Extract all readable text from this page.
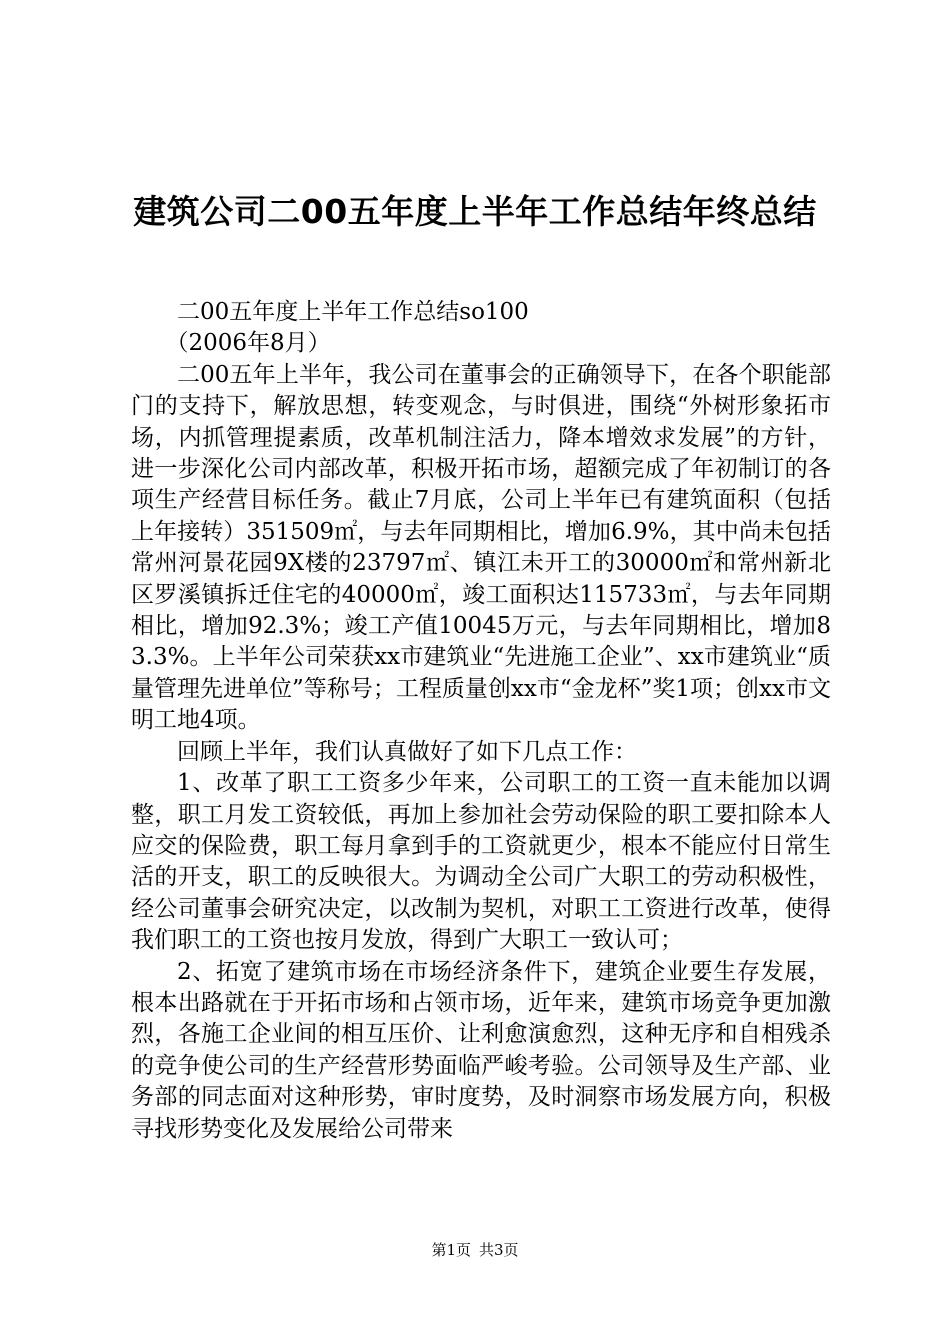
建筑公司二00五年度上半年工作总结年终总结

二00五年度上半年工作总结so100

（2006年8月）

二00五年上半年，我公司在董事会的正确领导下，在各个职能部门的支持下，解放思想，转变观念，与时俱进，围绕“外树形象拓市场，内抓管理提素质，改革机制注活力，降本增效求发展”的方针，进一步深化公司内部改革，积极开拓市场，超额完成了年初制订的各项生产经营目标任务。截止7月底，公司上半年已有建筑面积（包括上年接转）351509㎡，与去年同期相比，增加6.9%，其中尚未包括常州河景花园9X楼的23797㎡、镇江未开工的30000㎡和常州新北区罗溪镇拆迁住宅的40000㎡，竣工面积达115733㎡，与去年同期相比，增加92.3%；竣工产值10045万元，与去年同期相比，增加83.3%。上半年公司荣获xx市建筑业“先进施工企业”、xx市建筑业“质量管理先进单位”等称号；工程质量创xx市“金龙杯”奖1项；创xx市文明工地4项。

回顾上半年，我们认真做好了如下几点工作：

1、改革了职工工资多少年来，公司职工的工资一直未能加以调整，职工月发工资较低，再加上参加社会劳动保险的职工要扣除本人应交的保险费，职工每月拿到手的工资就更少，根本不能应付日常生活的开支，职工的反映很大。为调动全公司广大职工的劳动积极性，经公司董事会研究决定，以改制为契机，对职工工资进行改革，使得我们职工的工资也按月发放，得到广大职工一致认可；

2、拓宽了建筑市场在市场经济条件下，建筑企业要生存发展，根本出路就在于开拓市场和占领市场，近年来，建筑市场竞争更加激烈，各施工企业间的相互压价、让利愈演愈烈，这种无序和自相残杀的竞争使公司的生产经营形势面临严峻考验。公司领导及生产部、业务部的同志面对这种形势，审时度势，及时洞察市场发展方向，积极寻找形势变化及发展给公司带来

第1页 共3页
